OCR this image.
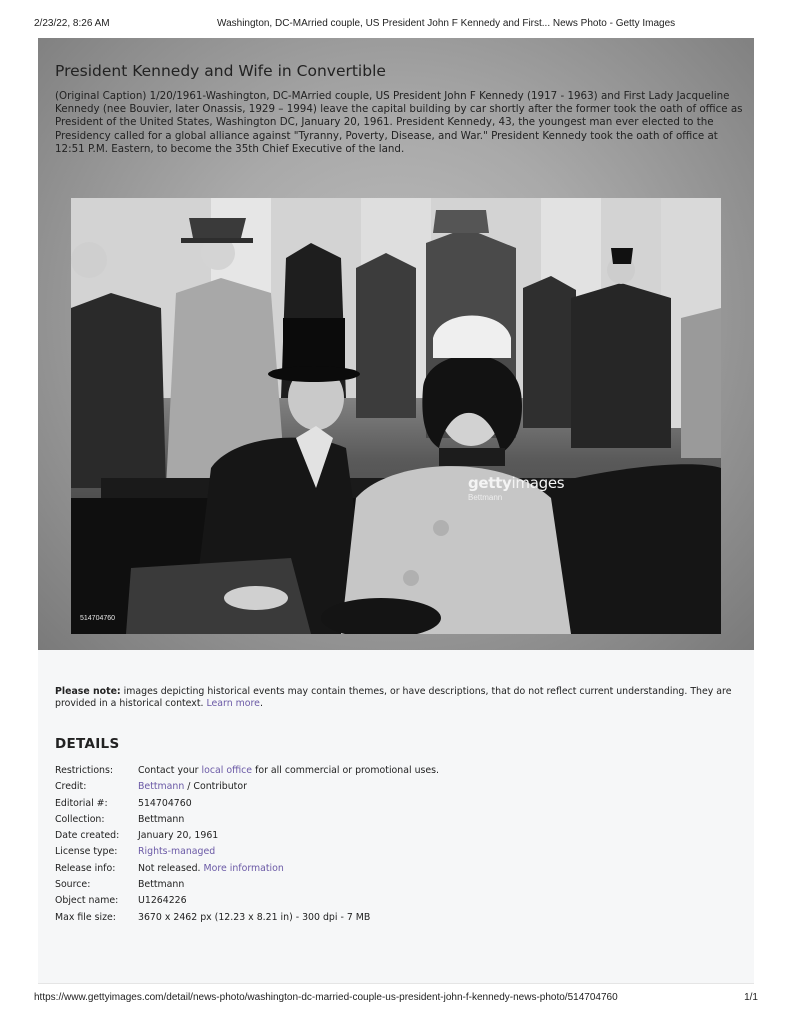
2/23/22, 8:26 AM	Washington, DC-MArried couple, US President John F Kennedy and First... News Photo - Getty Images
President Kennedy and Wife in Convertible

(Original Caption) 1/20/1961-Washington, DC-MArried couple, US President John F Kennedy (1917 - 1963) and First Lady Jacqueline Kennedy (nee Bouvier, later Onassis, 1929 – 1994) leave the capital building by car shortly after the former took the oath of office as President of the United States, Washington DC, January 20, 1961. President Kennedy, 43, the youngest man ever elected to the Presidency called for a global alliance against "Tyranny, Poverty, Disease, and War." President Kennedy took the oath of office at 12:51 P.M. Eastern, to become the 35th Chief Executive of the land.

gettyimages
Bettmann
514704760

Please note: images depicting historical events may contain themes, or have descriptions, that do not reflect current understanding. They are provided in a historical context. Learn more.

DETAILS
Restrictions:	Contact your local office for all commercial or promotional uses.
Credit:	Bettmann / Contributor
Editorial #:	514704760
Collection:	Bettmann
Date created: January 20, 1961
License type: Rights-managed
Release info: Not released. More information
Source:	Bettmann
Object name: U1264226
Max file size: 3670 x 2462 px (12.23 x 8.21 in) - 300 dpi - 7 MB
https://www.gettyimages.com/detail/news-photo/washington-dc-married-couple-us-president-john-f-kennedy-news-photo/514704760	1/1
